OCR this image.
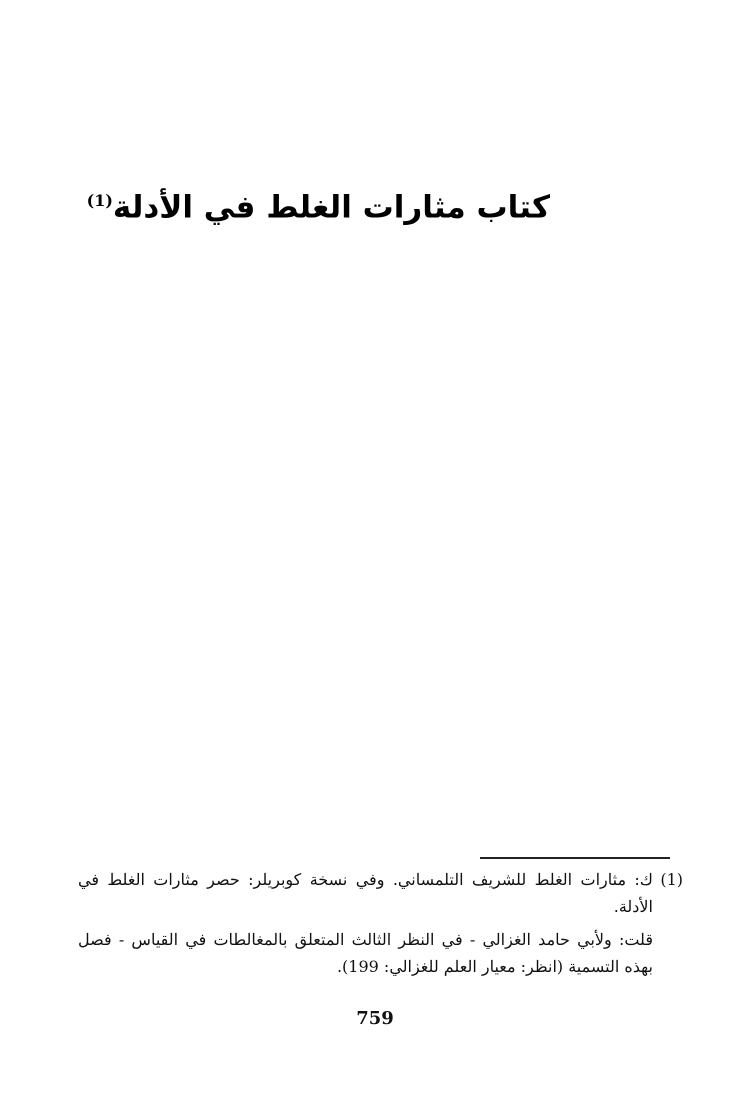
كتاب مثارات الغلط في الأدلة$^{(1)}$
(1)
ك: مثارات الغلط للشريف التلمساني. وفي نسخة كوبريلر: حصر مثارات الغلط في الأدلة.
قلت: ولأبي حامد الغزالي - في النظر الثالث المتعلق بالمغالطات في القياس - فصل بهذه التسمية (انظر: معيار العلم للغزالي: 199).
759
